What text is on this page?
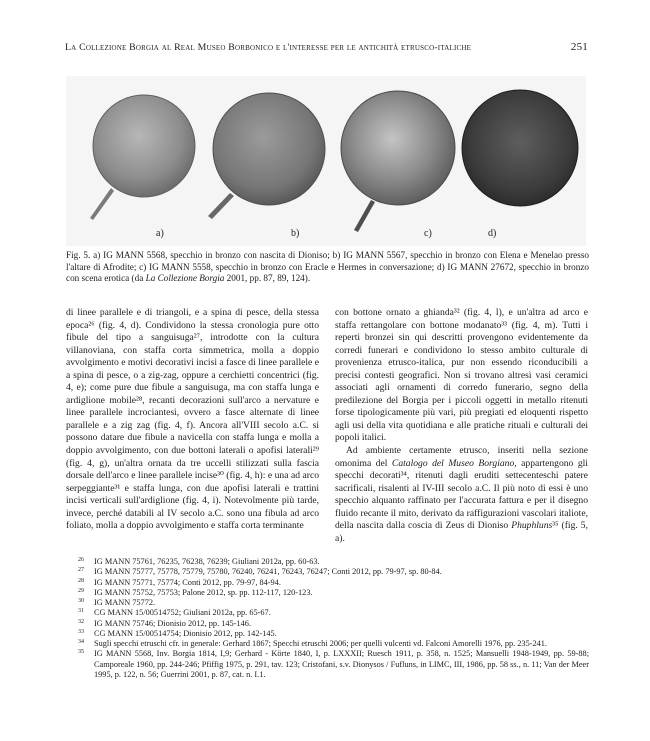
La Collezione Borgia al Real Museo Borbonico e l'interesse per le antichità etrusco-italiche	251
a)	b)	c)	d)

Fig. 5. a) IG MANN 5568, specchio in bronzo con nascita di Dioniso; b) IG MANN 5567, specchio in bronzo con Elena e Menelao presso l'altare di Afrodite; c) IG MANN 5558, specchio in bronzo con Eracle e Hermes in conversazione; d) IG MANN 27672, specchio in bronzo con scena erotica (da La Collezione Borgia 2001, pp. 87, 89, 124).

di linee parallele e di triangoli, e a spina di pesce, della stessa epoca²⁶ (fig. 4, d). Condividono la stessa cronologia pure otto fibule del tipo a sanguisuga²⁷, introdotte con la cultura villanoviana, con staffa corta simmetrica, molla a doppio avvolgimento e motivi decorativi incisi a fasce di linee parallele e a spina di pesce, o a zig-zag, oppure a cerchietti concentrici (fig. 4, e); come pure due fibule a sanguisuga, ma con staffa lunga e ardiglione mobile²⁸, recanti decorazioni sull'arco a nervature e linee parallele incrociantesi, ovvero a fasce alternate di linee parallele e a zig zag (fig. 4, f). Ancora all'VIII secolo a.C. si possono datare due fibule a navicella con staffa lunga e molla a doppio avvolgimento, con due bottoni laterali o apofisi laterali²⁹ (fig. 4, g), un'altra ornata da tre uccelli stilizzati sulla fascia dorsale dell'arco e linee parallele incise³⁰ (fig. 4, h): e una ad arco serpeggiante³¹ e staffa lunga, con due apofisi laterali e trattini incisi verticali sull'ardiglione (fig. 4, i). Notevolmente più tarde, invece, perché databili al IV secolo a.C. sono una fibula ad arco foliato, molla a doppio avvolgimento e staffa corta terminante

con bottone ornato a ghianda³² (fig. 4, l), e un'altra ad arco e staffa rettangolare con bottone modanato³³ (fig. 4, m). Tutti i reperti bronzei sin qui descritti provengono evidentemente da corredi funerari e condividono lo stesso ambito culturale di provenienza etrusco-italica, pur non essendo riconducibili a precisi contesti geografici. Non si trovano altresì vasi ceramici associati agli ornamenti di corredo funerario, segno della predilezione del Borgia per i piccoli oggetti in metallo ritenuti forse tipologicamente più vari, più pregiati ed eloquenti rispetto agli usi della vita quotidiana e alle pratiche rituali e culturali dei popoli italici.

Ad ambiente certamente etrusco, inseriti nella sezione omonima del Catalogo del Museo Borgiano, appartengono gli specchi decorati³⁴, ritenuti dagli eruditi settecenteschi patere sacrificali, risalenti al IV-III secolo a.C. Il più noto di essi è uno specchio alquanto raffinato per l'accurata fattura e per il disegno fluido recante il mito, derivato da raffigurazioni vascolari italiote, della nascita dalla coscia di Zeus di Dioniso Phuphluns³⁵ (fig. 5, a).

26	IG MANN 75761, 76235, 76238, 76239; Giuliani 2012a, pp. 60-63.
27	IG MANN 75777, 75778, 75779, 75780, 76240, 76241, 76243, 76247; Conti 2012, pp. 79-97, sp. 80-84.
28	IG MANN 75771, 75774; Conti 2012, pp. 79-97, 84-94.
29	IG MANN 75752, 75753; Palone 2012, sp. pp. 112-117, 120-123.
30	IG MANN 75772.
31	CG MANN 15/00514752; Giuliani 2012a, pp. 65-67.
32	IG MANN 75746; Dionisio 2012, pp. 145-146.
33	CG MANN 15/00514754; Dionisio 2012, pp. 142-145.
34	Sugli specchi etruschi cfr. in generale: Gerhard 1867; Specchi etruschi 2006; per quelli vulcenti vd. Falconi Amorelli 1976, pp. 235-241.
35	IG MANN 5568, Inv. Borgia 1814, I,9; Gerhard - Körte 1840, I, p. LXXXII; Ruesch 1911, p. 358, n. 1525; Mansuelli 1948-1949, pp. 59-88; Camporeale 1960, pp. 244-246; Pfiffig 1975, p. 291, tav. 123; Cristofani, s.v. Dionysos / Fufluns, in LIMC, III, 1986, pp. 58 ss., n. 11; Van der Meer 1995, p. 122, n. 56; Guerrini 2001, p. 87, cat. n. I.1.
